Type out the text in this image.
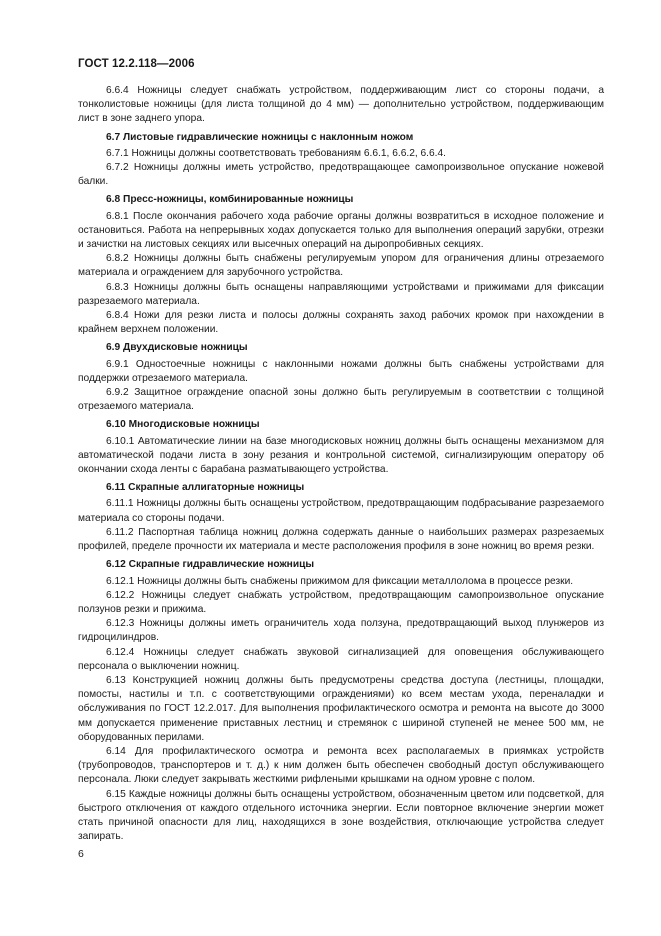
ГОСТ 12.2.118—2006
6.6.4 Ножницы следует снабжать устройством, поддерживающим лист со стороны подачи, а тонколистовые ножницы (для листа толщиной до 4 мм) — дополнительно устройством, поддерживающим лист в зоне заднего упора.
6.7 Листовые гидравлические ножницы с наклонным ножом
6.7.1 Ножницы должны соответствовать требованиям 6.6.1, 6.6.2, 6.6.4.
6.7.2 Ножницы должны иметь устройство, предотвращающее самопроизвольное опускание ножевой балки.
6.8 Пресс-ножницы, комбинированные ножницы
6.8.1 После окончания рабочего хода рабочие органы должны возвратиться в исходное положение и остановиться. Работа на непрерывных ходах допускается только для выполнения операций зарубки, отрезки и зачистки на листовых секциях или высечных операций на дыропробивных секциях.
6.8.2 Ножницы должны быть снабжены регулируемым упором для ограничения длины отрезаемого материала и ограждением для зарубочного устройства.
6.8.3 Ножницы должны быть оснащены направляющими устройствами и прижимами для фиксации разрезаемого материала.
6.8.4 Ножи для резки листа и полосы должны сохранять заход рабочих кромок при нахождении в крайнем верхнем положении.
6.9 Двухдисковые ножницы
6.9.1 Одностоечные ножницы с наклонными ножами должны быть снабжены устройствами для поддержки отрезаемого материала.
6.9.2 Защитное ограждение опасной зоны должно быть регулируемым в соответствии с толщиной отрезаемого материала.
6.10 Многодисковые ножницы
6.10.1 Автоматические линии на базе многодисковых ножниц должны быть оснащены механизмом для автоматической подачи листа в зону резания и контрольной системой, сигнализирующим оператору об окончании схода ленты с барабана разматывающего устройства.
6.11 Скрапные аллигаторные ножницы
6.11.1 Ножницы должны быть оснащены устройством, предотвращающим подбрасывание разрезаемого материала со стороны подачи.
6.11.2 Паспортная таблица ножниц должна содержать данные о наибольших размерах разрезаемых профилей, пределе прочности их материала и месте расположения профиля в зоне ножниц во время резки.
6.12 Скрапные гидравлические ножницы
6.12.1 Ножницы должны быть снабжены прижимом для фиксации металлолома в процессе резки.
6.12.2 Ножницы следует снабжать устройством, предотвращающим самопроизвольное опускание ползунов резки и прижима.
6.12.3 Ножницы должны иметь ограничитель хода ползуна, предотвращающий выход плунжеров из гидроцилиндров.
6.12.4 Ножницы следует снабжать звуковой сигнализацией для оповещения обслуживающего персонала о выключении ножниц.
6.13 Конструкцией ножниц должны быть предусмотрены средства доступа (лестницы, площадки, помосты, настилы и т.п. с соответствующими ограждениями) ко всем местам ухода, переналадки и обслуживания по ГОСТ 12.2.017. Для выполнения профилактического осмотра и ремонта на высоте до 3000 мм допускается применение приставных лестниц и стремянок с шириной ступеней не менее 500 мм, не оборудованных перилами.
6.14 Для профилактического осмотра и ремонта всех располагаемых в приямках устройств (трубопроводов, транспортеров и т. д.) к ним должен быть обеспечен свободный доступ обслуживающего персонала. Люки следует закрывать жесткими рифлеными крышками на одном уровне с полом.
6.15 Каждые ножницы должны быть оснащены устройством, обозначенным цветом или подсветкой, для быстрого отключения от каждого отдельного источника энергии. Если повторное включение энергии может стать причиной опасности для лиц, находящихся в зоне воздействия, отключающие устройства следует запирать.
6
